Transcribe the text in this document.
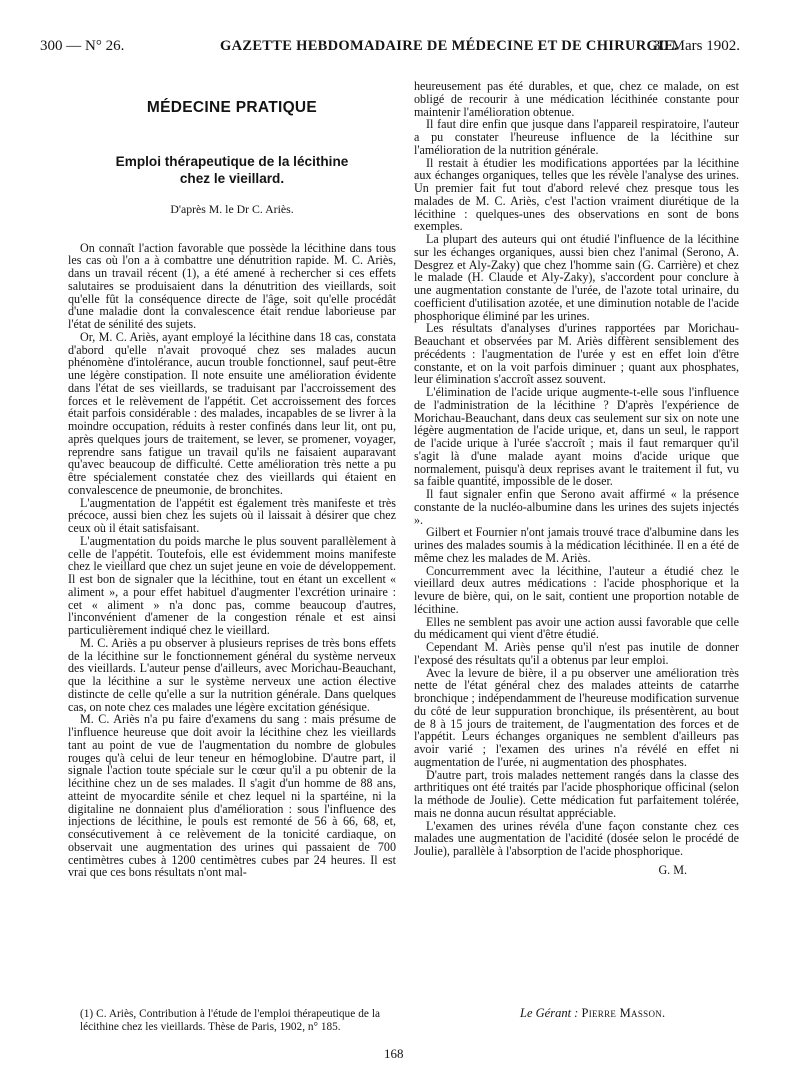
300 — N° 26.	GAZETTE HEBDOMADAIRE DE MÉDECINE ET DE CHIRURGIE.
30 Mars 1902.
MÉDECINE PRATIQUE
Emploi thérapeutique de la lécithine
chez le vieillard.
D'après M. le Dr C. Ariès.

On connaît l'action favorable que possède la lécithine dans tous les cas où l'on a à combattre une dénutrition rapide. M. C. Ariès, dans un travail récent (1), a été amené à rechercher si ces effets salutaires se produisaient dans la dénutrition des vieillards, soit qu'elle fût la conséquence directe de l'âge, soit qu'elle procédât d'une maladie dont la convalescence était rendue laborieuse par l'état de sénilité des sujets.

Or, M. C. Ariès, ayant employé la lécithine dans 18 cas, constata d'abord qu'elle n'avait provoqué chez ses malades aucun phénomène d'intolérance, aucun trouble fonctionnel, sauf peut-être une légère constipation. Il note ensuite une amélioration évidente dans l'état de ses vieillards, se traduisant par l'accroissement des forces et le relèvement de l'appétit. Cet accroissement des forces était parfois considérable : des malades, incapables de se livrer à la moindre occupation, réduits à rester confinés dans leur lit, ont pu, après quelques jours de traitement, se lever, se promener, voyager, reprendre sans fatigue un travail qu'ils ne faisaient auparavant qu'avec beaucoup de difficulté. Cette amélioration très nette a pu être spécialement constatée chez des vieillards qui étaient en convalescence de pneumonie, de bronchites.

L'augmentation de l'appétit est également très manifeste et très précoce, aussi bien chez les sujets où il laissait à désirer que chez ceux où il était satisfaisant.

L'augmentation du poids marche le plus souvent parallèlement à celle de l'appétit. Toutefois, elle est évidemment moins manifeste chez le vieillard que chez un sujet jeune en voie de développement. Il est bon de signaler que la lécithine, tout en étant un excellent « aliment », a pour effet habituel d'augmenter l'excrétion urinaire : cet « aliment » n'a donc pas, comme beaucoup d'autres, l'inconvénient d'amener de la congestion rénale et est ainsi particulièrement indiqué chez le vieillard.

M. C. Ariès a pu observer à plusieurs reprises de très bons effets de la lécithine sur le fonctionnement général du système nerveux des vieillards. L'auteur pense d'ailleurs, avec Morichau-Beauchant, que la lécithine a sur le système nerveux une action élective distincte de celle qu'elle a sur la nutrition générale. Dans quelques cas, on note chez ces malades une légère excitation génésique.

M. C. Ariès n'a pu faire d'examens du sang : mais présume de l'influence heureuse que doit avoir la lécithine chez les vieillards tant au point de vue de l'augmentation du nombre de globules rouges qu'à celui de leur teneur en hémoglobine. D'autre part, il signale l'action toute spéciale sur le cœur qu'il a pu obtenir de la lécithine chez un de ses malades. Il s'agit d'un homme de 88 ans, atteint de myocardite sénile et chez lequel ni la spartéine, ni la digitaline ne donnaient plus d'amélioration : sous l'influence des injections de lécithine, le pouls est remonté de 56 à 66, 68, et, consécutivement à ce relèvement de la tonicité cardiaque, on observait une augmentation des urines qui passaient de 700 centimètres cubes à 1200 centimètres cubes par 24 heures. Il est vrai que ces bons résultats n'ont mal-

heureusement pas été durables, et que, chez ce malade, on est obligé de recourir à une médication lécithinée constante pour maintenir l'amélioration obtenue.

Il faut dire enfin que jusque dans l'appareil respiratoire, l'auteur a pu constater l'heureuse influence de la lécithine sur l'amélioration de la nutrition générale.

Il restait à étudier les modifications apportées par la lécithine aux échanges organiques, telles que les révèle l'analyse des urines. Un premier fait fut tout d'abord relevé chez presque tous les malades de M. C. Ariès, c'est l'action vraiment diurétique de la lécithine : quelques-unes des observations en sont de bons exemples.

La plupart des auteurs qui ont étudié l'influence de la lécithine sur les échanges organiques, aussi bien chez l'animal (Serono, A. Desgrez et Aly-Zaky) que chez l'homme sain (G. Carrière) et chez le malade (H. Claude et Aly-Zaky), s'accordent pour conclure à une augmentation constante de l'urée, de l'azote total urinaire, du coefficient d'utilisation azotée, et une diminution notable de l'acide phosphorique éliminé par les urines.

Les résultats d'analyses d'urines rapportées par Morichau-Beauchant et observées par M. Ariès diffèrent sensiblement des précédents : l'augmentation de l'urée y est en effet loin d'être constante, et on la voit parfois diminuer ; quant aux phosphates, leur élimination s'accroît assez souvent.

L'élimination de l'acide urique augmente-t-elle sous l'influence de l'administration de la lécithine ? D'après l'expérience de Morichau-Beauchant, dans deux cas seulement sur six on note une légère augmentation de l'acide urique, et, dans un seul, le rapport de l'acide urique à l'urée s'accroît ; mais il faut remarquer qu'il s'agit là d'une malade ayant moins d'acide urique que normalement, puisqu'à deux reprises avant le traitement il fut, vu sa faible quantité, impossible de le doser.

Il faut signaler enfin que Serono avait affirmé « la présence constante de la nucléo-albumine dans les urines des sujets injectés ».

Gilbert et Fournier n'ont jamais trouvé trace d'albumine dans les urines des malades soumis à la médication lécithinée. Il en a été de même chez les malades de M. Ariès.

Concurremment avec la lécithine, l'auteur a étudié chez le vieillard deux autres médications : l'acide phosphorique et la levure de bière, qui, on le sait, contient une proportion notable de lécithine.

Elles ne semblent pas avoir une action aussi favorable que celle du médicament qui vient d'être étudié.

Cependant M. Ariès pense qu'il n'est pas inutile de donner l'exposé des résultats qu'il a obtenus par leur emploi.

Avec la levure de bière, il a pu observer une amélioration très nette de l'état général chez des malades atteints de catarrhe bronchique ; indépendamment de l'heureuse modification survenue du côté de leur suppuration bronchique, ils présentèrent, au bout de 8 à 15 jours de traitement, de l'augmentation des forces et de l'appétit. Leurs échanges organiques ne semblent d'ailleurs pas avoir varié ; l'examen des urines n'a révélé en effet ni augmentation de l'urée, ni augmentation des phosphates.

D'autre part, trois malades nettement rangés dans la classe des arthritiques ont été traités par l'acide phosphorique officinal (selon la méthode de Joulie). Cette médication fut parfaitement tolérée, mais ne donna aucun résultat appréciable.

L'examen des urines révéla d'une façon constante chez ces malades une augmentation de l'acidité (dosée selon le procédé de Joulie), parallèle à l'absorption de l'acide phosphorique.

G. M.

(1) C. Ariès, Contribution à l'étude de l'emploi thérapeutique de la lécithine chez les vieillards. Thèse de Paris, 1902, n° 185.

Le Gérant : Pierre Masson.
168
